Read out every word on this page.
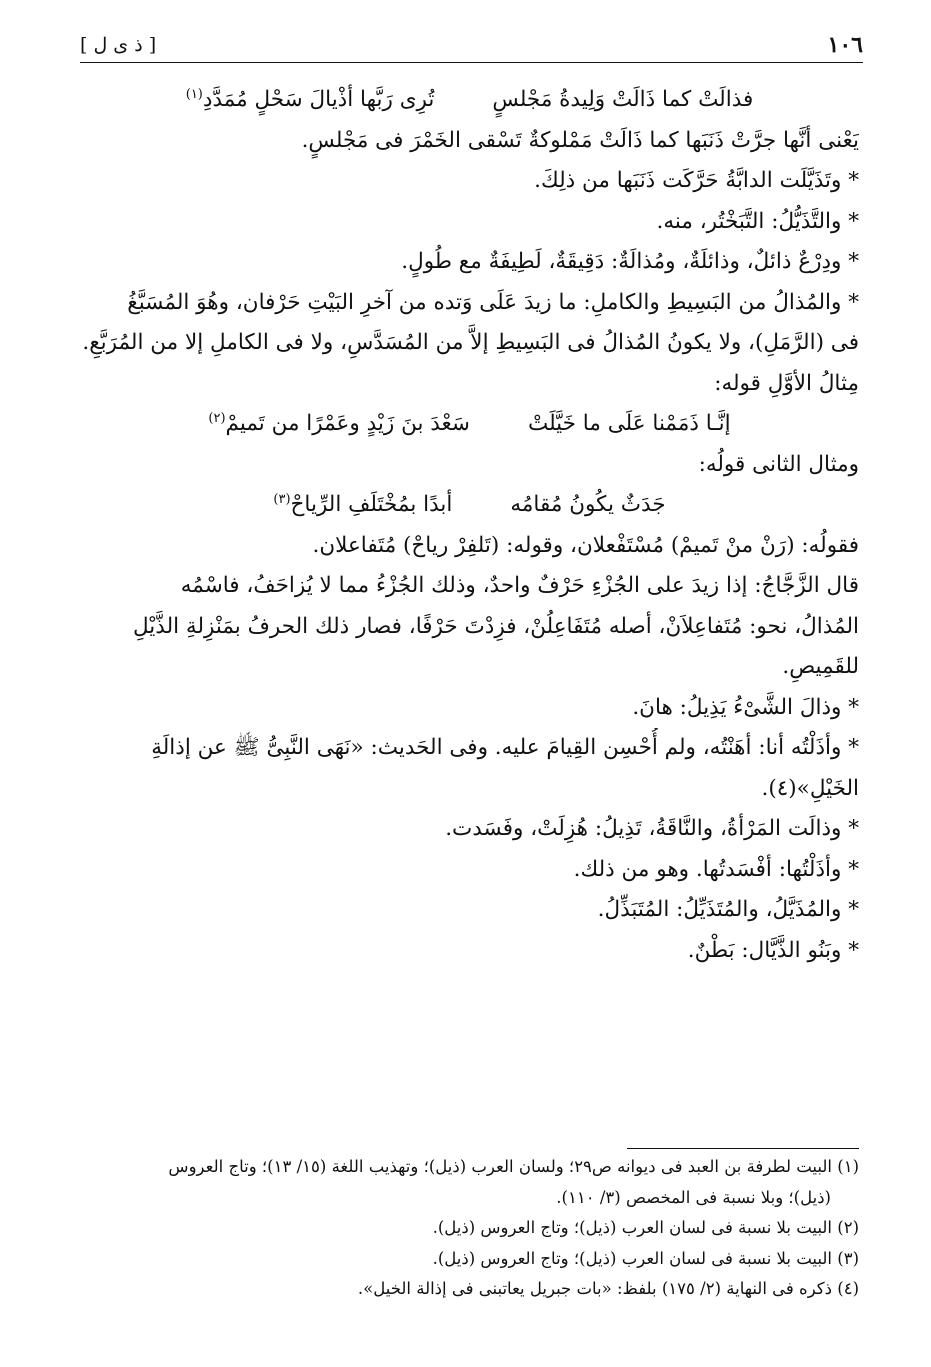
١٠٦
[ ذ ى ل ]
فذالَتْ كما ذَالَتْ وَلِيدةُ مَجْلسٍ
تُرِى رَبَّها أذْيالَ سَحْلٍ مُمَدَّدِ$^{(١)}$
يَعْنى أنَّها جرَّتْ ذَنَبَها كما ذَالَتْ مَمْلوكةٌ تَسْقى الخَمْرَ فى مَجْلسٍ.
* وتَذَيَّلَت الدابَّةُ حَرَّكَت ذَنَبَها من ذلِكَ.
* والتَّذَيُّلُ: التَّبَخْتُر، منه.
* ودِرْعٌ ذائلٌ، وذائلَةٌ، ومُذالَةٌ: دَقِيقَةٌ، لَطِيفَةٌ مع طُولٍ.
* والمُذالُ من البَسِيطِ والكاملِ: ما زيدَ عَلَى وَتده من آخرِ البَيْتِ حَرْفان، وهُوَ المُسَبَّغُ
فى (الرَّمَلِ)، ولا يكونُ المُذالُ فى البَسِيطِ إلاَّ من المُسَدَّسِ، ولا فى الكاملِ إلا من المُرَبَّعِ.
مِثالُ الأوَّلِ قوله:
إنَّـا ذَمَمْنا عَلَى ما خَيَّلَتْ
سَعْدَ بنَ زَيْدٍ وعَمْرًا من تَميمْ$^{(٢)}$
ومثال الثانى قولُه:
جَدَثٌ يكُونُ مُقامُه
أبدًا بمُخْتَلَفِ الرِّياحْ$^{(٣)}$
فقولُه: (رَنْ منْ تَميمْ) مُسْتَفْعلان، وقوله: (تَلفِرْ رياحْ) مُتَفاعلان.
قال الزَّجَّاجُ: إذا زيدَ على الجُزْءِ حَرْفٌ واحدٌ، وذلك الجُزْءُ مما لا يُزاحَفُ، فاسْمُه
المُذالُ، نحو: مُتَفاعِلاَنْ، أصله مُتَفَاعِلُنْ، فزِدْتَ حَرْفًا، فصار ذلك الحرفُ بمَنْزِلةِ الذَّيْلِ
للقَمِيصِ.
* وذالَ الشَّىْءُ يَذِيلُ: هانَ.
* وأذَلْتُه أنا: أهَنْتُه، ولم أُحْسِن القِيامَ عليه. وفى الحَديث: «نَهَى النَّبِىُّ ﷺ عن إذالَةِ
الخَيْلِ»(٤).
* وذالَت المَرْأةُ، والنَّاقَةُ، تَذِيلُ: هُزِلَتْ، وفَسَدت.
* وأذَلْتُها: أفْسَدتُها. وهو من ذلك.
* والمُذَيَّلُ، والمُتَذَيِّلُ: المُتَبَذِّلُ.
* وبَنُو الذَّيَّال: بَطْنٌ.
(١) البيت لطرفة بن العبد فى ديوانه ص٢٩؛ ولسان العرب (ذيل)؛ وتهذيب اللغة (١٥/ ١٣)؛ وتاج العروس
(ذيل)؛ وبلا نسبة فى المخصص (٣/ ١١٠).
(٢) البيت بلا نسبة فى لسان العرب (ذيل)؛ وتاج العروس (ذيل).
(٣) البيت بلا نسبة فى لسان العرب (ذيل)؛ وتاج العروس (ذيل).
(٤) ذكره فى النهاية (٢/ ١٧٥) بلفظ: «بات جبريل يعاتبنى فى إذالة الخيل».
